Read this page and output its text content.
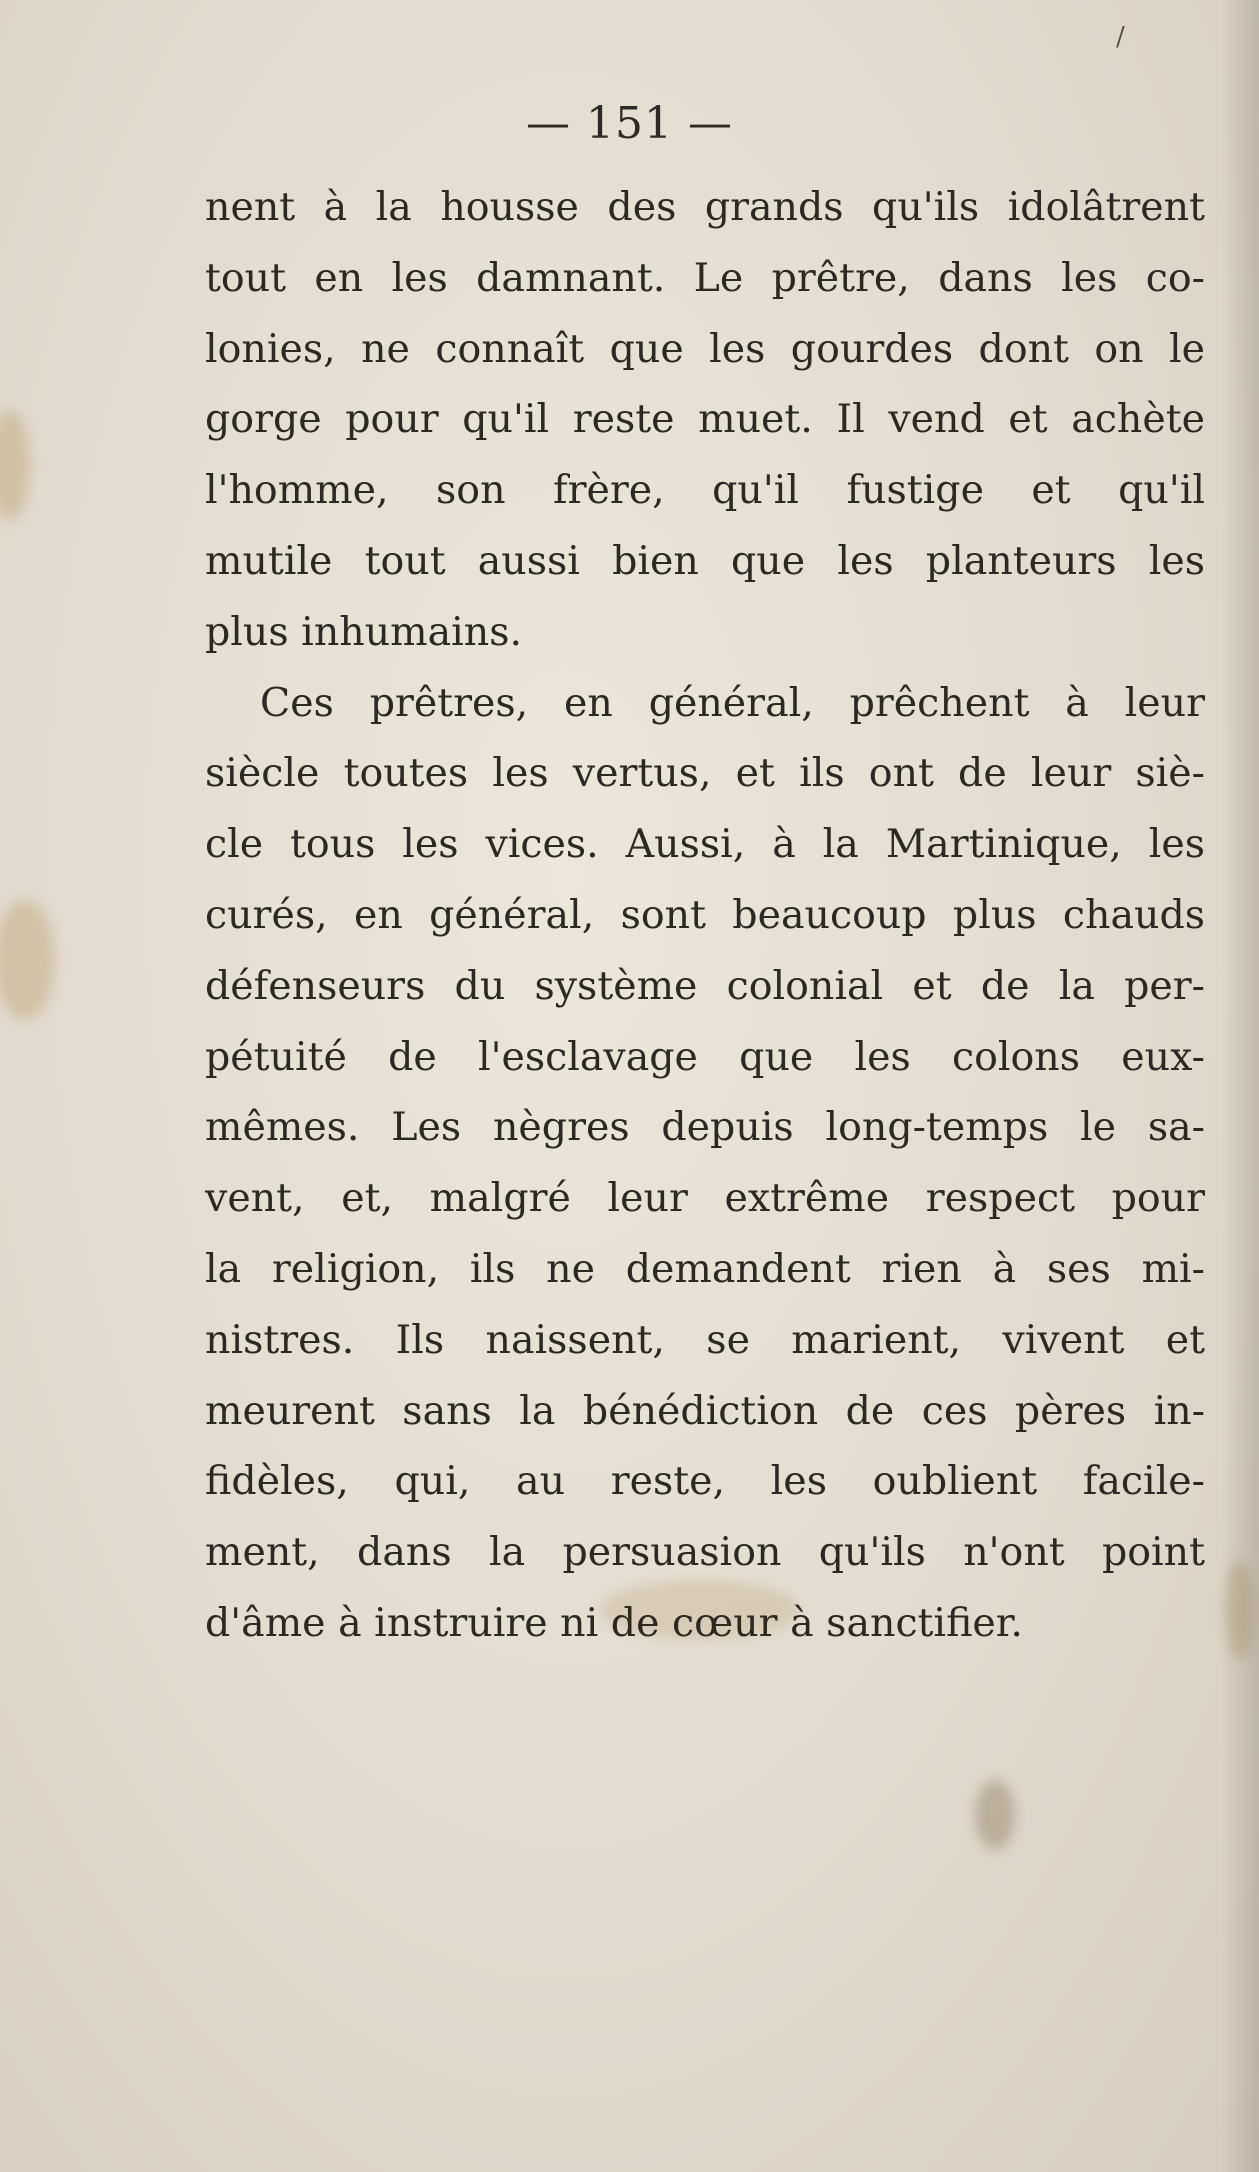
/
— 151 —
nent à la housse des grands qu'ils idolâtrent
tout en les damnant. Le prêtre, dans les co-
lonies, ne connaît que les gourdes dont on le
gorge pour qu'il reste muet. Il vend et achète
l'homme, son frère, qu'il fustige et qu'il
mutile tout aussi bien que les planteurs les
plus inhumains.
Ces prêtres, en général, prêchent à leur
siècle toutes les vertus, et ils ont de leur siè-
cle tous les vices. Aussi, à la Martinique, les
curés, en général, sont beaucoup plus chauds
défenseurs du système colonial et de la per-
pétuité de l'esclavage que les colons eux-
mêmes. Les nègres depuis long-temps le sa-
vent, et, malgré leur extrême respect pour
la religion, ils ne demandent rien à ses mi-
nistres. Ils naissent, se marient, vivent et
meurent sans la bénédiction de ces pères in-
fidèles, qui, au reste, les oublient facile-
ment, dans la persuasion qu'ils n'ont point
d'âme à instruire ni de cœur à sanctifier.
